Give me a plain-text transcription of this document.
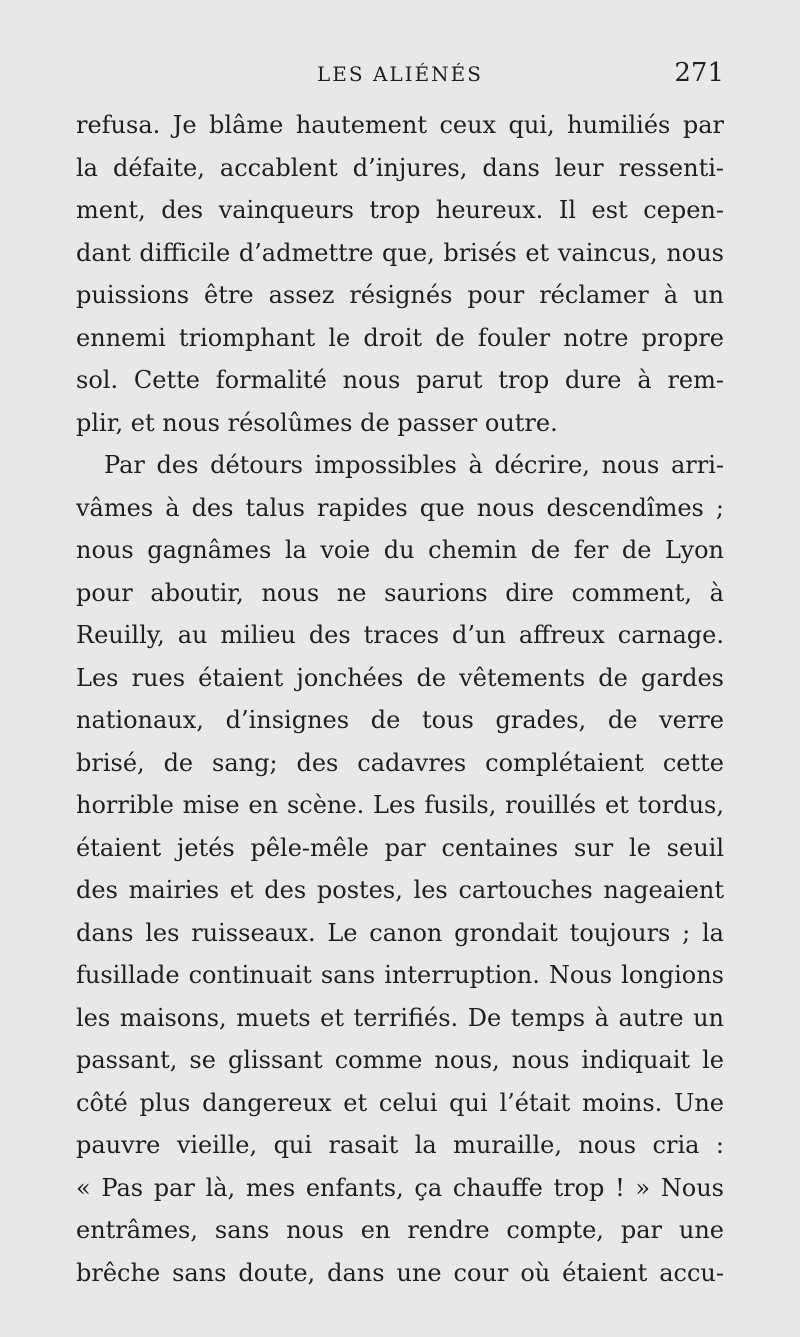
LES ALIÉNÉS	271
refusa. Je blâme hautement ceux qui, humiliés par
la défaite, accablent d’injures, dans leur ressenti-
ment, des vainqueurs trop heureux. Il est cepen-
dant difficile d’admettre que, brisés et vaincus, nous
puissions être assez résignés pour réclamer à un
ennemi triomphant le droit de fouler notre propre
sol. Cette formalité nous parut trop dure à rem-
plir, et nous résolûmes de passer outre.
Par des détours impossibles à décrire, nous arri-
vâmes à des talus rapides que nous descendîmes ;
nous gagnâmes la voie du chemin de fer de Lyon
pour aboutir, nous ne saurions dire comment, à
Reuilly, au milieu des traces d’un affreux carnage.
Les rues étaient jonchées de vêtements de gardes
nationaux, d’insignes de tous grades, de verre
brisé, de sang; des cadavres complétaient cette
horrible mise en scène. Les fusils, rouillés et tordus,
étaient jetés pêle-mêle par centaines sur le seuil
des mairies et des postes, les cartouches nageaient
dans les ruisseaux. Le canon grondait toujours ; la
fusillade continuait sans interruption. Nous longions
les maisons, muets et terrifiés. De temps à autre un
passant, se glissant comme nous, nous indiquait le
côté plus dangereux et celui qui l’était moins. Une
pauvre vieille, qui rasait la muraille, nous cria :
« Pas par là, mes enfants, ça chauffe trop ! » Nous
entrâmes, sans nous en rendre compte, par une
brêche sans doute, dans une cour où étaient accu-
